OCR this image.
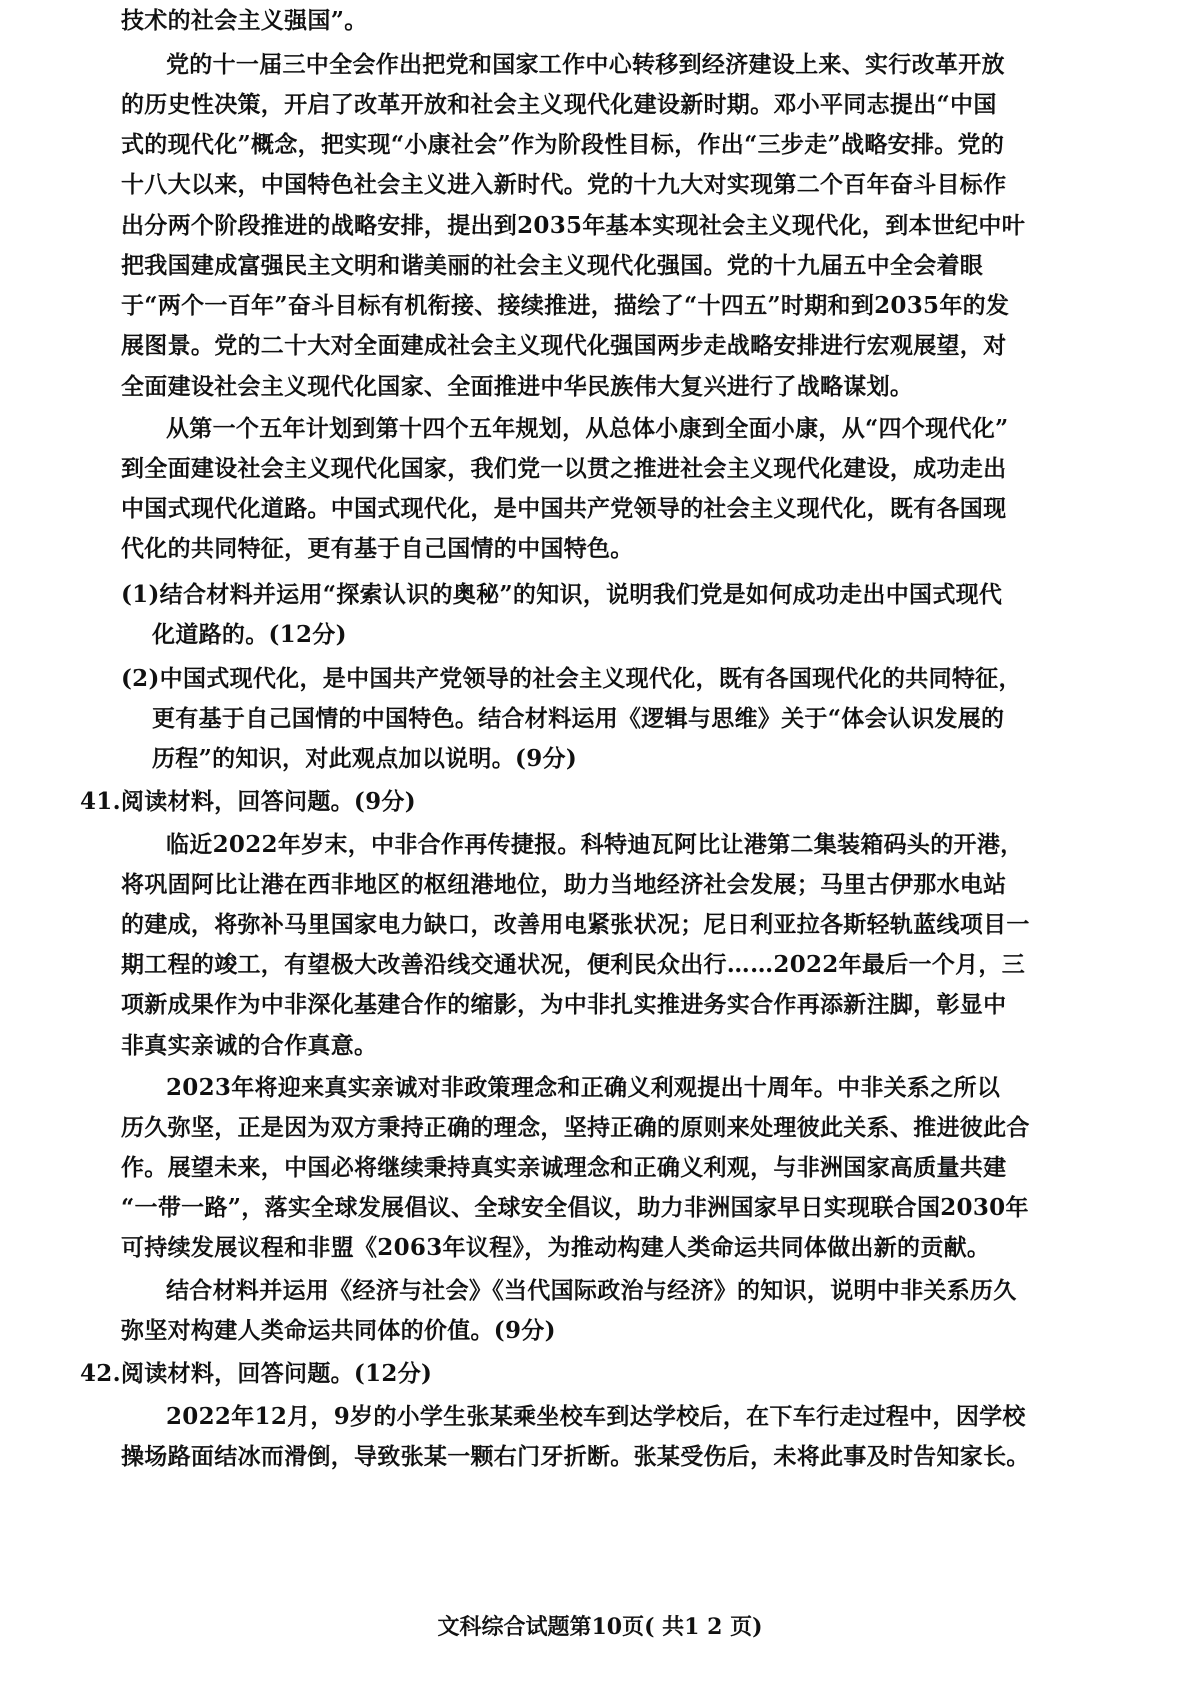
技术的社会主义强国”。
党的十一届三中全会作出把党和国家工作中心转移到经济建设上来、实行改革开放
的历史性决策，开启了改革开放和社会主义现代化建设新时期。邓小平同志提出“中国
式的现代化”概念，把实现“小康社会”作为阶段性目标，作出“三步走”战略安排。党的
十八大以来，中国特色社会主义进入新时代。党的十九大对实现第二个百年奋斗目标作
出分两个阶段推进的战略安排，提出到2035年基本实现社会主义现代化，到本世纪中叶
把我国建成富强民主文明和谐美丽的社会主义现代化强国。党的十九届五中全会着眼
于“两个一百年”奋斗目标有机衔接、接续推进，描绘了“十四五”时期和到2035年的发
展图景。党的二十大对全面建成社会主义现代化强国两步走战略安排进行宏观展望，对
全面建设社会主义现代化国家、全面推进中华民族伟大复兴进行了战略谋划。
从第一个五年计划到第十四个五年规划，从总体小康到全面小康，从“四个现代化”
到全面建设社会主义现代化国家，我们党一以贯之推进社会主义现代化建设，成功走出
中国式现代化道路。中国式现代化，是中国共产党领导的社会主义现代化，既有各国现
代化的共同特征，更有基于自己国情的中国特色。
(1)结合材料并运用“探索认识的奥秘”的知识，说明我们党是如何成功走出中国式现代
化道路的。(12分)
(2)中国式现代化，是中国共产党领导的社会主义现代化，既有各国现代化的共同特征，
更有基于自己国情的中国特色。结合材料运用《逻辑与思维》关于“体会认识发展的
历程”的知识，对此观点加以说明。(9分)
41.阅读材料，回答问题。(9分)
临近2022年岁末，中非合作再传捷报。科特迪瓦阿比让港第二集装箱码头的开港，
将巩固阿比让港在西非地区的枢纽港地位，助力当地经济社会发展；马里古伊那水电站
的建成，将弥补马里国家电力缺口，改善用电紧张状况；尼日利亚拉各斯轻轨蓝线项目一
期工程的竣工，有望极大改善沿线交通状况，便利民众出行……2022年最后一个月，三
项新成果作为中非深化基建合作的缩影，为中非扎实推进务实合作再添新注脚，彰显中
非真实亲诚的合作真意。
2023年将迎来真实亲诚对非政策理念和正确义利观提出十周年。中非关系之所以
历久弥坚，正是因为双方秉持正确的理念，坚持正确的原则来处理彼此关系、推进彼此合
作。展望未来，中国必将继续秉持真实亲诚理念和正确义利观，与非洲国家高质量共建
“一带一路”，落实全球发展倡议、全球安全倡议，助力非洲国家早日实现联合国2030年
可持续发展议程和非盟《2063年议程》，为推动构建人类命运共同体做出新的贡献。
结合材料并运用《经济与社会》《当代国际政治与经济》的知识，说明中非关系历久
弥坚对构建人类命运共同体的价值。(9分)
42.阅读材料，回答问题。(12分)
2022年12月，9岁的小学生张某乘坐校车到达学校后，在下车行走过程中，因学校
操场路面结冰而滑倒，导致张某一颗右门牙折断。张某受伤后，未将此事及时告知家长。
文科综合试题第10页( 共1 2 页)
